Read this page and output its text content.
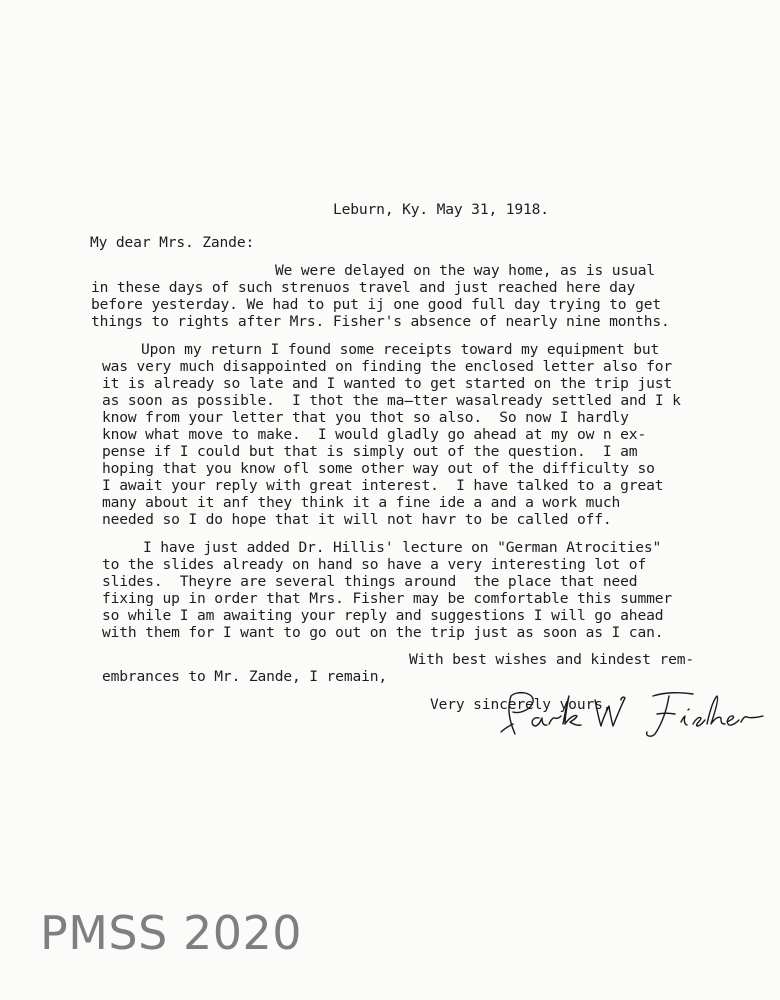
Leburn, Ky. May 31, 1918.
My dear Mrs. Zande:
We were delayed on the way home, as is usual
in these days of such strenuos travel and just reached here day
before yesterday. We had to put ij one good full day trying to get
things to rights after Mrs. Fisher's absence of nearly nine months.
Upon my return I found some receipts toward my equipment but
was very much disappointed on finding the enclosed letter also for
it is already so late and I wanted to get started on the trip just
as soon as possible.  I thot the ma̶tter wasalready settled and I k
know from your letter that you thot so also.  So now I hardly
know what move to make.  I would gladly go ahead at my ow n ex-
pense if I could but that is simply out of the question.  I am
hoping that you know ofl some other way out of the difficulty so
I await your reply with great interest.  I have talked to a great
many about it anf they think it a fine ide a and a work much
needed so I do hope that it will not havr to be called off.
I have just added Dr. Hillis' lecture on "German Atrocities"
to the slides already on hand so have a very interesting lot of
slides.  Theyre are several things around  the place that need
fixing up in order that Mrs. Fisher may be comfortable this summer
so while I am awaiting your reply and suggestions I will go ahead
with them for I want to go out on the trip just as soon as I can.
With best wishes and kindest rem-
embrances to Mr. Zande, I remain,
Very sincerely yours,
PMSS 2020
